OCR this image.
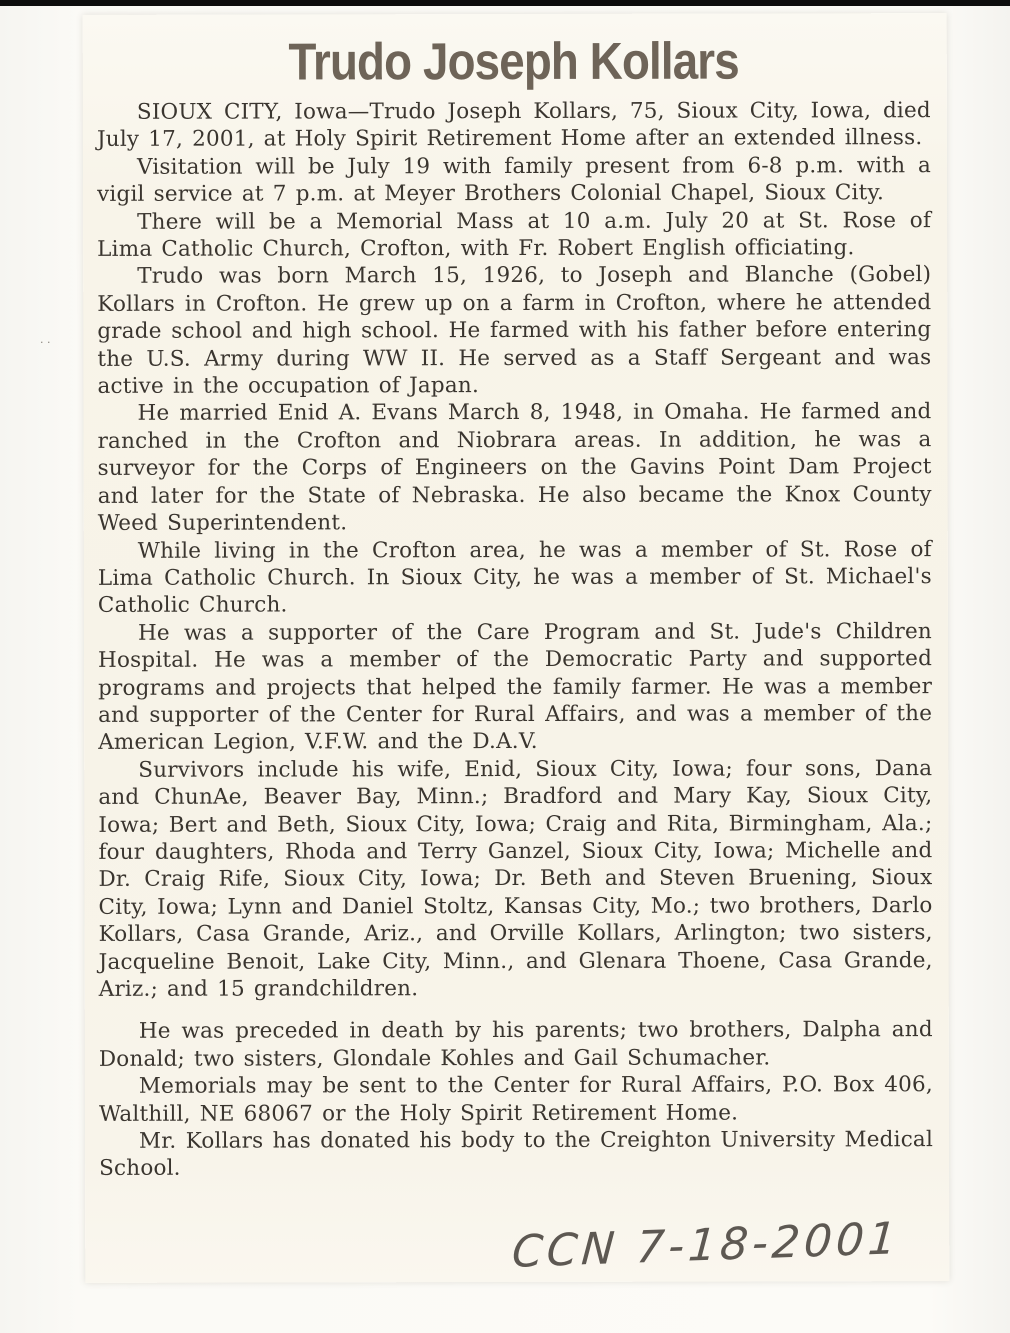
. .
Trudo Joseph Kollars

SIOUX CITY, Iowa—Trudo Joseph Kollars, 75, Sioux City, Iowa, died July 17, 2001, at Holy Spirit Retirement Home after an extended illness.

Visitation will be July 19 with family present from 6-8 p.m. with a vigil service at 7 p.m. at Meyer Brothers Colonial Chapel, Sioux City.

There will be a Memorial Mass at 10 a.m. July 20 at St. Rose of Lima Catholic Church, Crofton, with Fr. Robert English officiating.

Trudo was born March 15, 1926, to Joseph and Blanche (Gobel) Kollars in Crofton. He grew up on a farm in Crofton, where he attended grade school and high school. He farmed with his father before entering the U.S. Army during WW II. He served as a Staff Sergeant and was active in the occupation of Japan.

He married Enid A. Evans March 8, 1948, in Omaha. He farmed and ranched in the Crofton and Niobrara areas. In addition, he was a surveyor for the Corps of Engineers on the Gavins Point Dam Project and later for the State of Nebraska. He also became the Knox County Weed Superintendent.

While living in the Crofton area, he was a member of St. Rose of Lima Catholic Church. In Sioux City, he was a member of St. Michael's Catholic Church.

He was a supporter of the Care Program and St. Jude's Children Hospital. He was a member of the Democratic Party and supported programs and projects that helped the family farmer. He was a member and supporter of the Center for Rural Affairs, and was a member of the American Legion, V.F.W. and the D.A.V.

Survivors include his wife, Enid, Sioux City, Iowa; four sons, Dana and ChunAe, Beaver Bay, Minn.; Bradford and Mary Kay, Sioux City, Iowa; Bert and Beth, Sioux City, Iowa; Craig and Rita, Birmingham, Ala.; four daughters, Rhoda and Terry Ganzel, Sioux City, Iowa; Michelle and Dr. Craig Rife, Sioux City, Iowa; Dr. Beth and Steven Bruening, Sioux City, Iowa; Lynn and Daniel Stoltz, Kansas City, Mo.; two brothers, Darlo Kollars, Casa Grande, Ariz., and Orville Kollars, Arlington; two sisters, Jacqueline Benoit, Lake City, Minn., and Glenara Thoene, Casa Grande, Ariz.; and 15 grandchildren.

He was preceded in death by his parents; two brothers, Dalpha and Donald; two sisters, Glondale Kohles and Gail Schumacher.

Memorials may be sent to the Center for Rural Affairs, P.O. Box 406, Walthill, NE 68067 or the Holy Spirit Retirement Home.

Mr. Kollars has donated his body to the Creighton University Medical School.

CCN 7-18-2001
